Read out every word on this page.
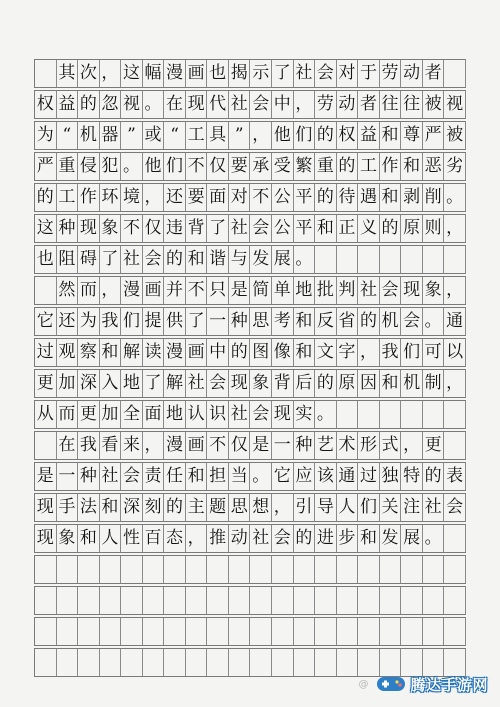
其 次 ， 这 幅 漫 画 也 揭 示 了 社 会 对 于 劳 动 者
权 益 的 忽 视 。 在 现 代 社 会 中 ， 劳 动 者 往 往 被 视
为 “ 机 器 ” 或 “ 工 具 ” ， 他 们 的 权 益 和 尊 严 被
严 重 侵 犯 。 他 们 不 仅 要 承 受 繁 重 的 工 作 和 恶 劣
的 工 作 环 境 ， 还 要 面 对 不 公 平 的 待 遇 和 剥 削 。
这 种 现 象 不 仅 违 背 了 社 会 公 平 和 正 义 的 原 则 ，
也 阻 碍 了 社 会 的 和 谐 与 发 展 。
然 而 ， 漫 画 并 不 只 是 简 单 地 批 判 社 会 现 象 ，
它 还 为 我 们 提 供 了 一 种 思 考 和 反 省 的 机 会 。 通
过 观 察 和 解 读 漫 画 中 的 图 像 和 文 字 ， 我 们 可 以
更 加 深 入 地 了 解 社 会 现 象 背 后 的 原 因 和 机 制 ，
从 而 更 加 全 面 地 认 识 社 会 现 实 。
在 我 看 来 ， 漫 画 不 仅 是 一 种 艺 术 形 式 ， 更
是 一 种 社 会 责 任 和 担 当 。 它 应 该 通 过 独 特 的 表
现 手 法 和 深 刻 的 主 题 思 想 ， 引 导 人 们 关 注 社 会
现 象 和 人 性 百 态 ， 推 动 社 会 的 进 步 和 发 展 。
@	腾达手游网
